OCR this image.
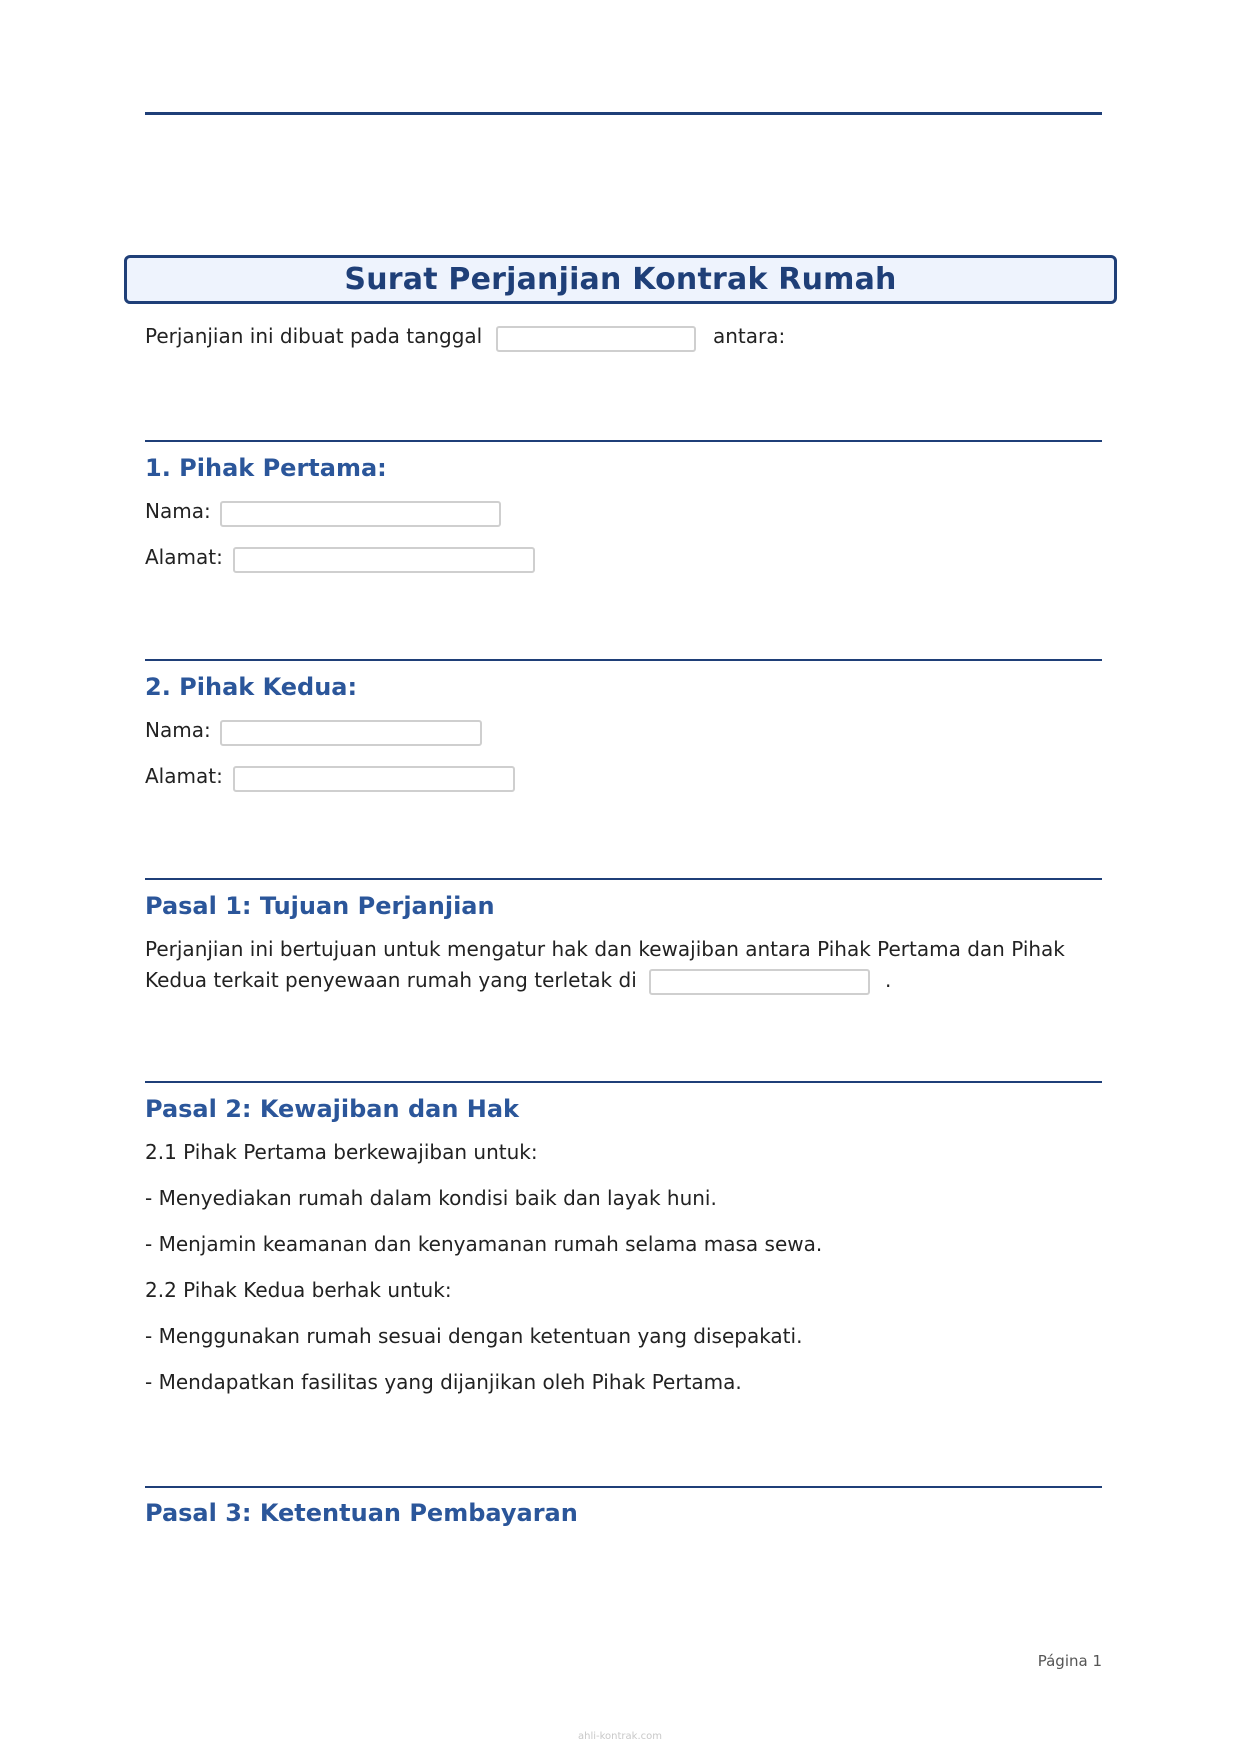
Surat Perjanjian Kontrak Rumah
Perjanjian ini dibuat pada tanggal	antara:
1. Pihak Pertama:
Nama:
Alamat:
2. Pihak Kedua:
Nama:
Alamat:
Pasal 1: Tujuan Perjanjian
Perjanjian ini bertujuan untuk mengatur hak dan kewajiban antara Pihak Pertama dan Pihak
Kedua terkait penyewaan rumah yang terletak di	.
Pasal 2: Kewajiban dan Hak
2.1 Pihak Pertama berkewajiban untuk:
- Menyediakan rumah dalam kondisi baik dan layak huni.
- Menjamin keamanan dan kenyamanan rumah selama masa sewa.
2.2 Pihak Kedua berhak untuk:
- Menggunakan rumah sesuai dengan ketentuan yang disepakati.
- Mendapatkan fasilitas yang dijanjikan oleh Pihak Pertama.
Pasal 3: Ketentuan Pembayaran
Página 1
ahli-kontrak.com
